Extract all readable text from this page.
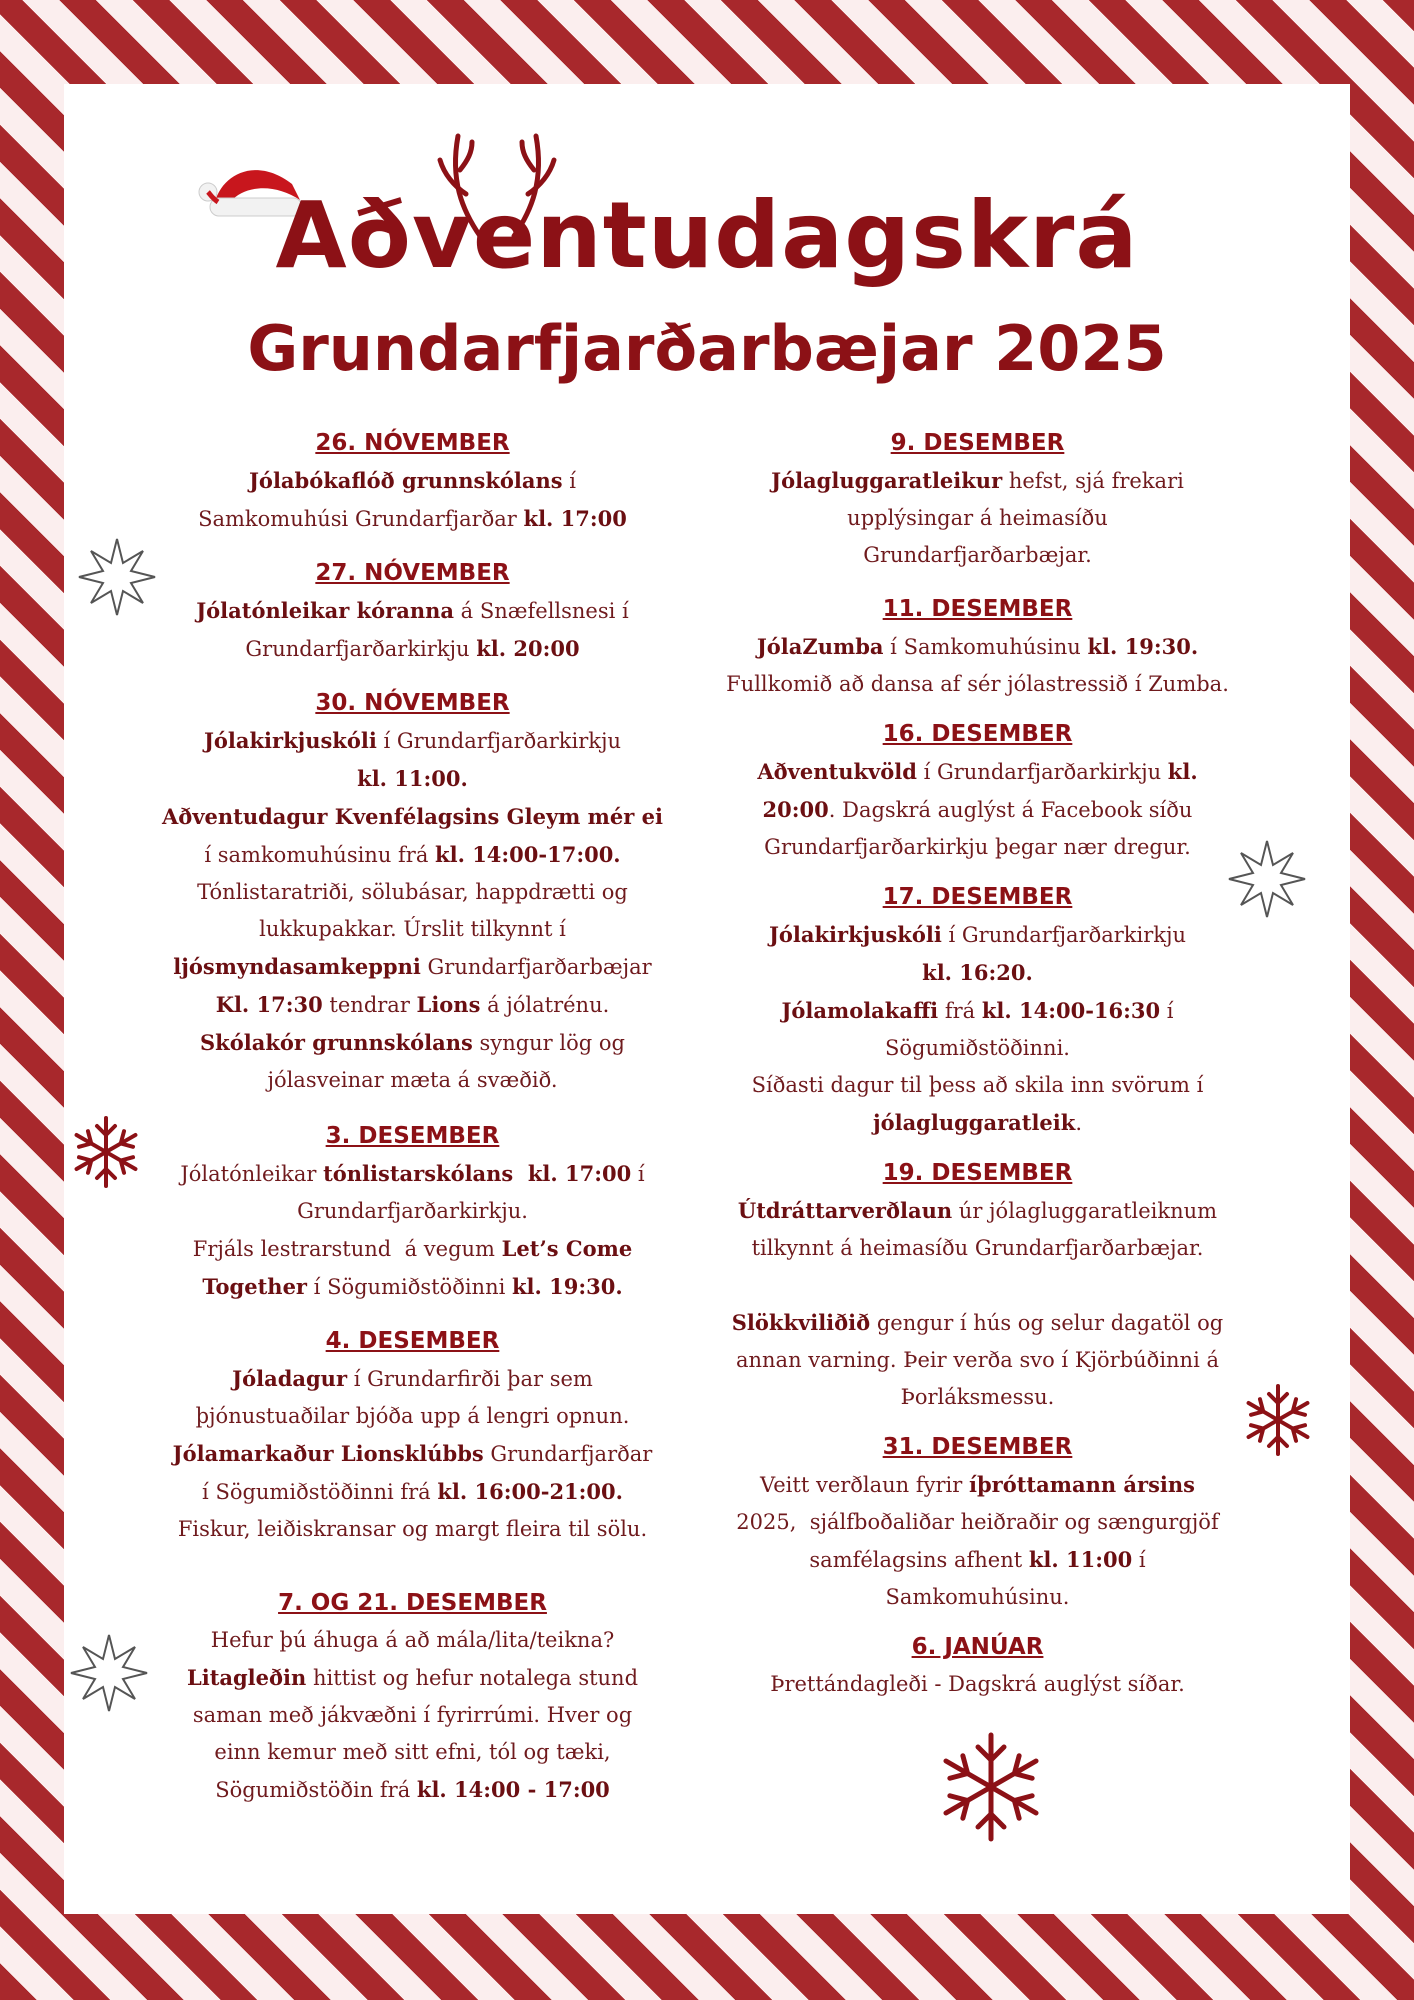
Aðventudagskrá
Grundarfjarðarbæjar 2025
26. NÓVEMBER
Jólabókaflóð grunnskólans í
Samkomuhúsi Grundarfjarðar kl. 17:00
27. NÓVEMBER
Jólatónleikar kóranna á Snæfellsnesi í
Grundarfjarðarkirkju kl. 20:00
30. NÓVEMBER
Jólakirkjuskóli í Grundarfjarðarkirkju
kl. 11:00.
Aðventudagur Kvenfélagsins Gleym mér ei
í samkomuhúsinu frá kl. 14:00-17:00.
Tónlistaratriði, sölubásar, happdrætti og
lukkupakkar. Úrslit tilkynnt í
ljósmyndasamkeppni Grundarfjarðarbæjar
Kl. 17:30 tendrar Lions á jólatrénu.
Skólakór grunnskólans syngur lög og
jólasveinar mæta á svæðið.
3. DESEMBER
Jólatónleikar tónlistarskólans  kl. 17:00 í
Grundarfjarðarkirkju.
Frjáls lestrarstund  á vegum Let’s Come
Together í Sögumiðstöðinni kl. 19:30.
4. DESEMBER
Jóladagur í Grundarfirði þar sem
þjónustuaðilar bjóða upp á lengri opnun.
Jólamarkaður Lionsklúbbs Grundarfjarðar
í Sögumiðstöðinni frá kl. 16:00-21:00.
Fiskur, leiðiskransar og margt fleira til sölu.
7. OG 21. DESEMBER
Hefur þú áhuga á að mála/lita/teikna?
Litagleðin hittist og hefur notalega stund
saman með jákvæðni í fyrirrúmi. Hver og
einn kemur með sitt efni, tól og tæki,
Sögumiðstöðin frá kl. 14:00 - 17:00
9. DESEMBER
Jólagluggaratleikur hefst, sjá frekari
upplýsingar á heimasíðu
Grundarfjarðarbæjar.
11. DESEMBER
JólaZumba í Samkomuhúsinu kl. 19:30.
Fullkomið að dansa af sér jólastressið í Zumba.
16. DESEMBER
Aðventukvöld í Grundarfjarðarkirkju kl.
20:00. Dagskrá auglýst á Facebook síðu
Grundarfjarðarkirkju þegar nær dregur.
17. DESEMBER
Jólakirkjuskóli í Grundarfjarðarkirkju
kl. 16:20.
Jólamolakaffi frá kl. 14:00-16:30 í
Sögumiðstöðinni.
Síðasti dagur til þess að skila inn svörum í
jólagluggaratleik.
19. DESEMBER
Útdráttarverðlaun úr jólagluggaratleiknum
tilkynnt á heimasíðu Grundarfjarðarbæjar.

Slökkviliðið gengur í hús og selur dagatöl og
annan varning. Þeir verða svo í Kjörbúðinni á
Þorláksmessu.
31. DESEMBER
Veitt verðlaun fyrir íþróttamann ársins
2025,  sjálfboðaliðar heiðraðir og sængurgjöf
samfélagsins afhent kl. 11:00 í
Samkomuhúsinu.
6. JANÚAR
Þrettándagleði - Dagskrá auglýst síðar.
